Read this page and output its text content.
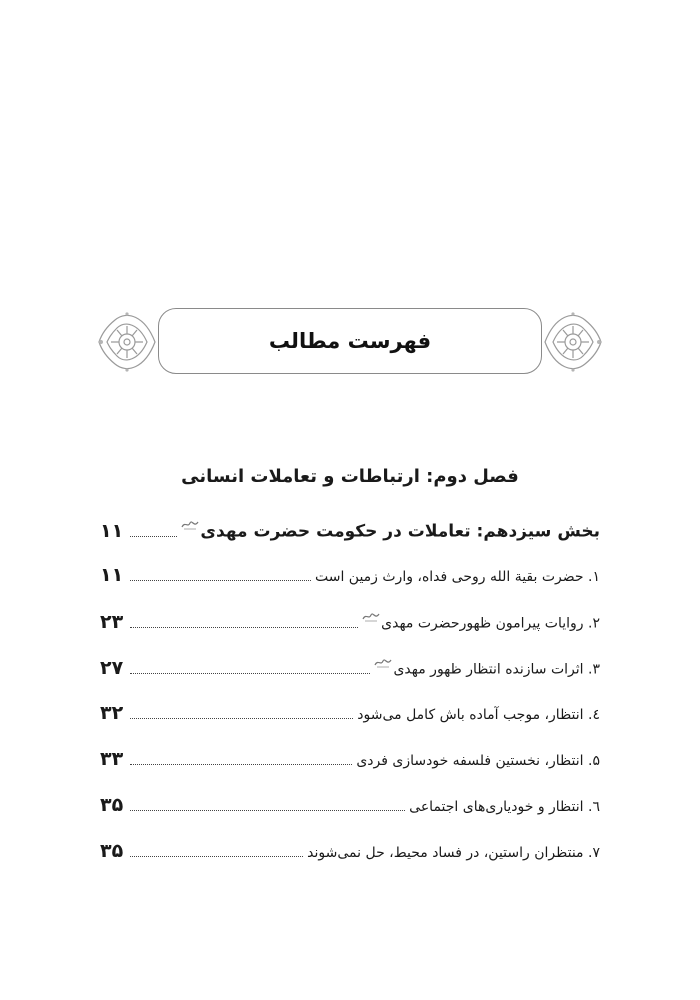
فهرست مطالب
فصل دوم: ارتباطات و تعاملات انسانی
بخش سیزدهم: تعاملات در حکومت حضرت مهدی
۱۱
۱. حضرت بقیة الله روحی فداه، وارث زمین است
۱۱
۲. روایات پیرامون ظهورحضرت مهدی
۲۳
۳. اثرات سازنده انتظار ظهور مهدی
۲۷
٤. انتظار، موجب آماده باش کامل می‌شود
۳۲
۵. انتظار، نخستین فلسفه خودسازی فردی
۳۳
٦. انتظار و خودیاری‌های اجتماعی
۳۵
۷. منتظران راستین، در فساد محیط، حل نمی‌شوند
۳۵
